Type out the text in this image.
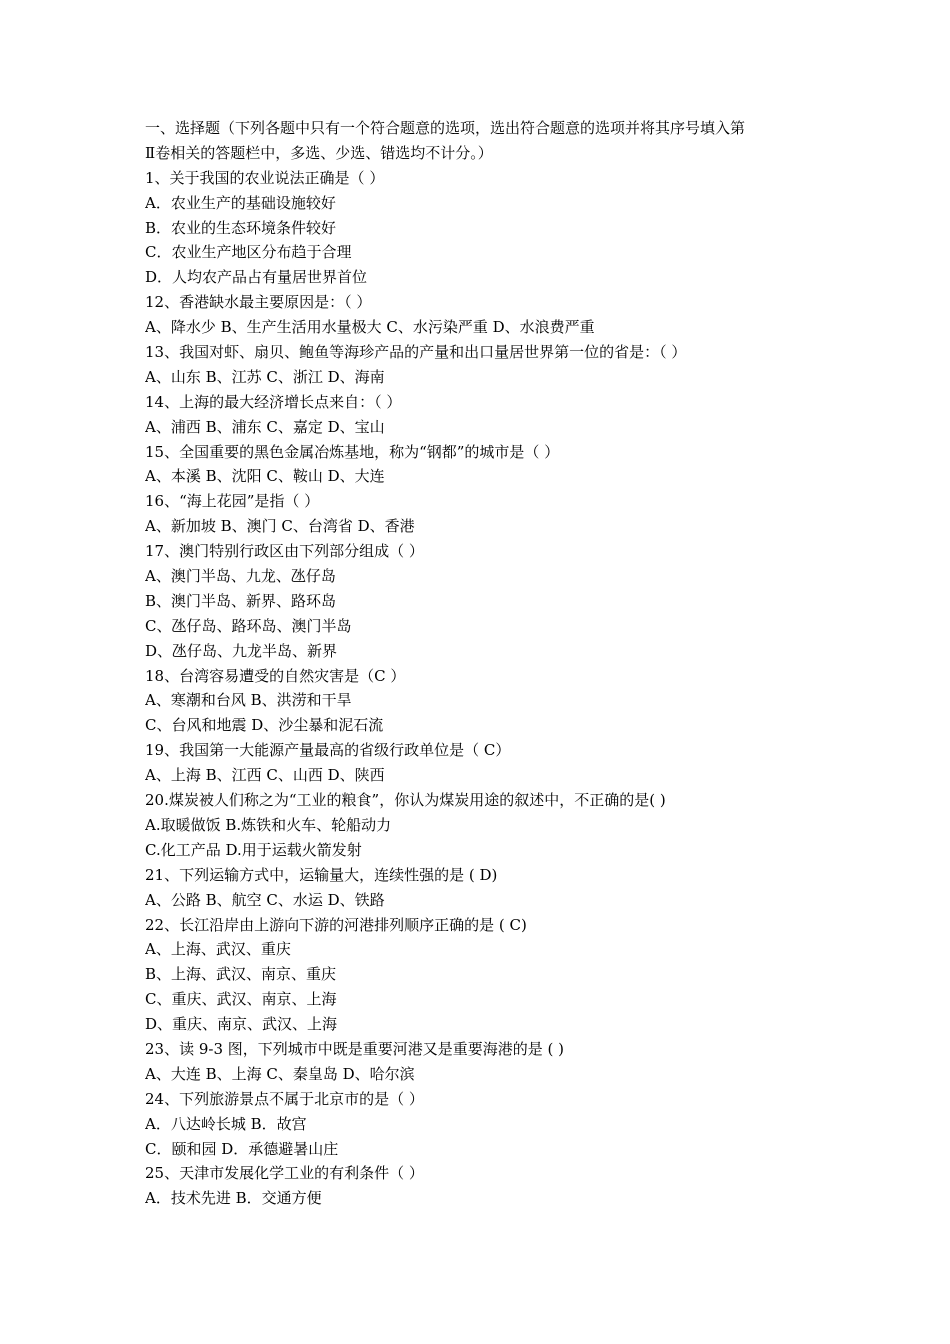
一、选择题（下列各题中只有一个符合题意的选项，选出符合题意的选项并将其序号填入第
Ⅱ卷相关的答题栏中，多选、少选、错选均不计分。）
1、关于我国的农业说法正确是（ ）
A．农业生产的基础设施较好
B．农业的生态环境条件较好
C．农业生产地区分布趋于合理
D．人均农产品占有量居世界首位
12、香港缺水最主要原因是：（ ）
A、降水少 B、生产生活用水量极大 C、水污染严重 D、水浪费严重
13、我国对虾、扇贝、鲍鱼等海珍产品的产量和出口量居世界第一位的省是：（ ）
A、山东 B、江苏 C、浙江 D、海南
14、上海的最大经济增长点来自：（ ）
A、浦西 B、浦东 C、嘉定 D、宝山
15、全国重要的黑色金属冶炼基地，称为“钢都”的城市是（ ）
A、本溪 B、沈阳 C、鞍山 D、大连
16、“海上花园”是指（ ）
A、新加坡 B、澳门 C、台湾省 D、香港
17、澳门特别行政区由下列部分组成（ ）
A、澳门半岛、九龙、氹仔岛
B、澳门半岛、新界、路环岛
C、氹仔岛、路环岛、澳门半岛
D、氹仔岛、九龙半岛、新界
18、台湾容易遭受的自然灾害是（C ）
A、寒潮和台风 B、洪涝和干旱
C、台风和地震 D、沙尘暴和泥石流
19、我国第一大能源产量最高的省级行政单位是（ C）
A、上海 B、江西 C、山西 D、陕西
20.煤炭被人们称之为“工业的粮食”，你认为煤炭用途的叙述中，不正确的是( )
A.取暖做饭 B.炼铁和火车、轮船动力
C.化工产品 D.用于运载火箭发射
21、下列运输方式中，运输量大，连续性强的是 ( D)
A、公路 B、航空 C、水运 D、铁路
22、长江沿岸由上游向下游的河港排列顺序正确的是 ( C)
A、上海、武汉、重庆
B、上海、武汉、南京、重庆
C、重庆、武汉、南京、上海
D、重庆、南京、武汉、上海
23、读 9-3 图，下列城市中既是重要河港又是重要海港的是 ( )
A、大连 B、上海 C、秦皇岛 D、哈尔滨
24、下列旅游景点不属于北京市的是（ ）
A．八达岭长城 B．故宫
C．颐和园 D．承德避暑山庄
25、天津市发展化学工业的有利条件（ ）
A．技术先进 B．交通方便
